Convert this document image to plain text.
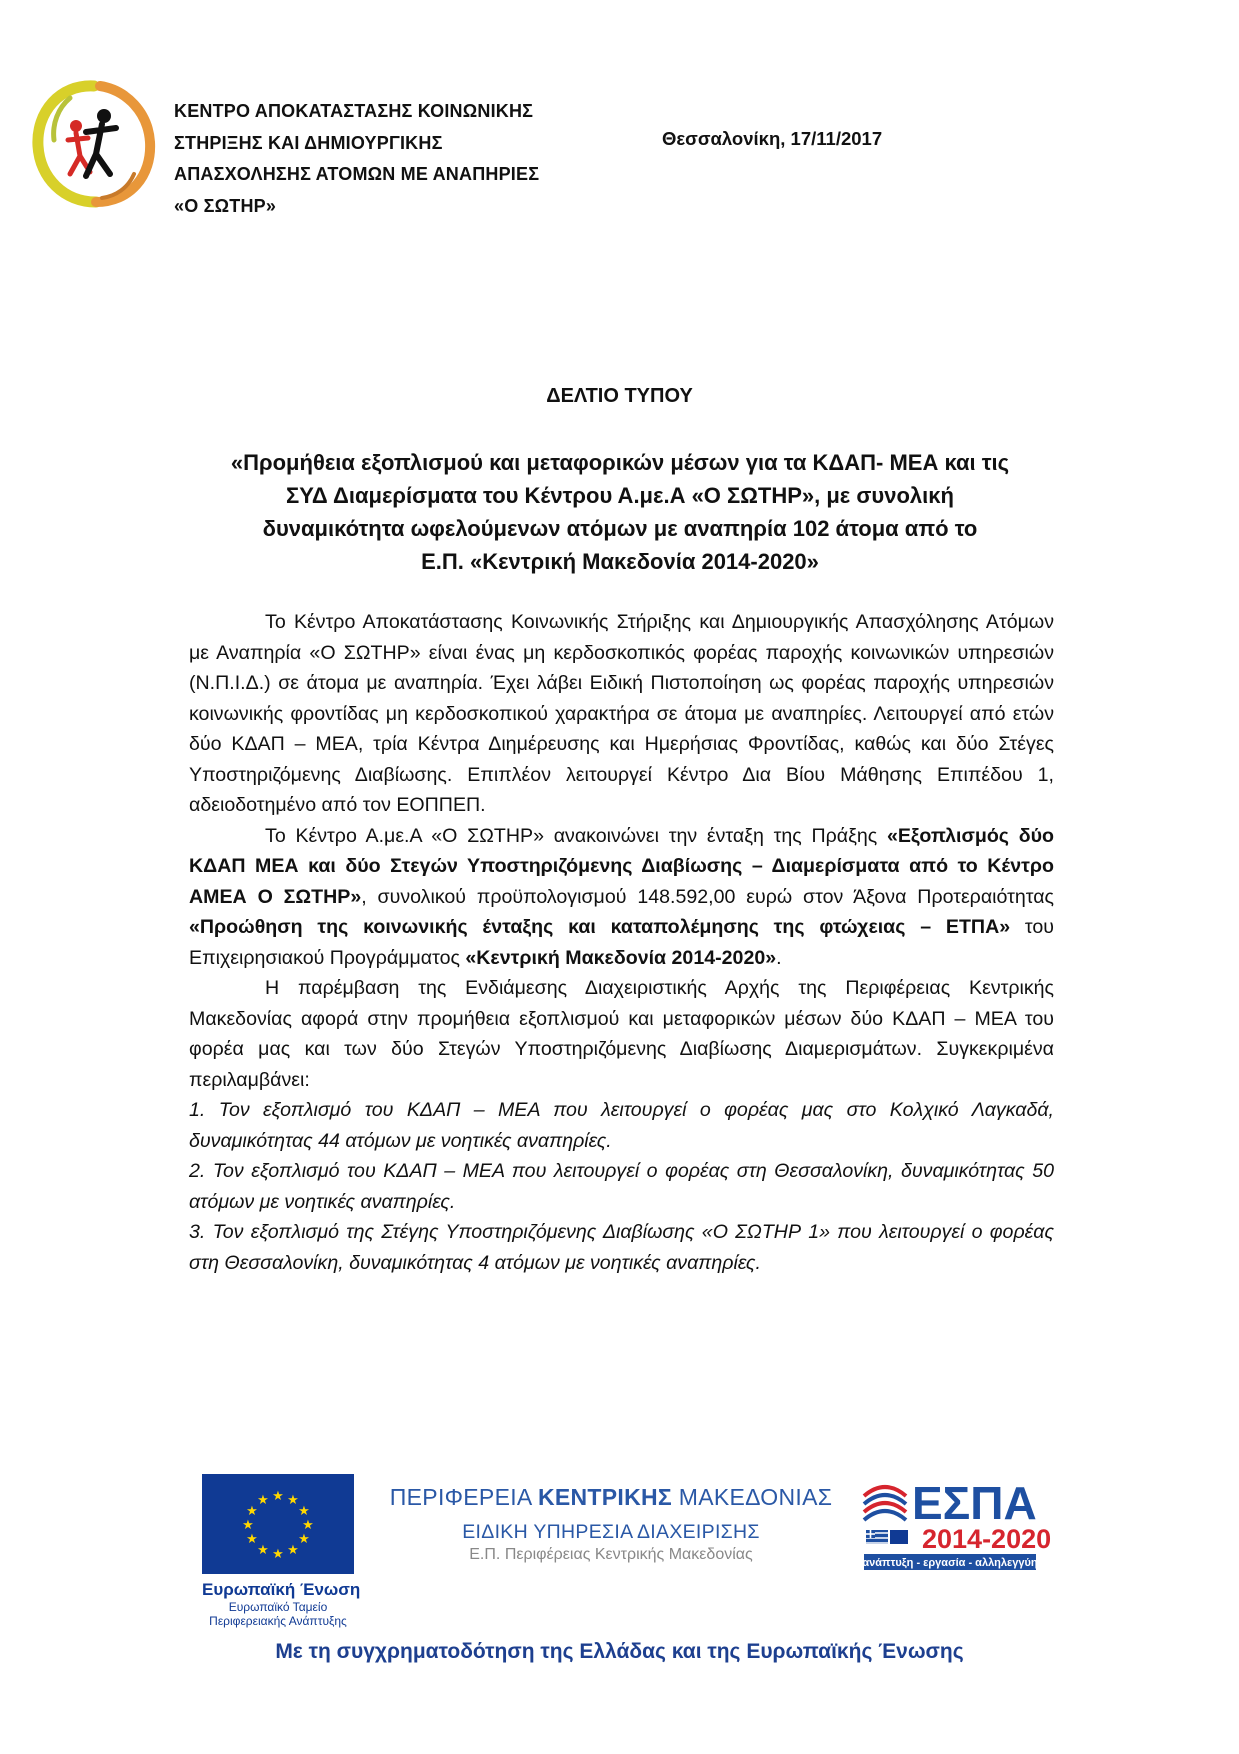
ΚΕΝΤΡΟ ΑΠΟΚΑΤΑΣΤΑΣΗΣ ΚΟΙΝΩΝΙΚΗΣ
ΣΤΗΡΙΞΗΣ ΚΑΙ ΔΗΜΙΟΥΡΓΙΚΗΣ
ΑΠΑΣΧΟΛΗΣΗΣ ΑΤΟΜΩΝ ΜΕ ΑΝΑΠΗΡΙΕΣ
«Ο ΣΩΤΗΡ»
Θεσσαλονίκη, 17/11/2017
ΔΕΛΤΙΟ ΤΥΠΟΥ
«Προμήθεια εξοπλισμού και μεταφορικών μέσων για τα ΚΔΑΠ- ΜΕΑ και τις
ΣΥΔ Διαμερίσματα του Κέντρου Α.με.Α «Ο ΣΩΤΗΡ», με συνολική
δυναμικότητα ωφελούμενων ατόμων με αναπηρία 102 άτομα από το
Ε.Π. «Κεντρική Μακεδονία 2014-2020»

Το Κέντρο Αποκατάστασης Κοινωνικής Στήριξης και Δημιουργικής Απασχόλησης Ατόμων με Αναπηρία «Ο ΣΩΤΗΡ» είναι ένας μη κερδοσκοπικός φορέας παροχής κοινωνικών υπηρεσιών (Ν.Π.Ι.Δ.) σε άτομα με αναπηρία. Έχει λάβει Ειδική Πιστοποίηση ως φορέας παροχής υπηρεσιών κοινωνικής φροντίδας μη κερδοσκοπικού χαρακτήρα σε άτομα με αναπηρίες. Λειτουργεί από ετών δύο ΚΔΑΠ – ΜΕΑ, τρία Κέντρα Διημέρευσης και Ημερήσιας Φροντίδας, καθώς και δύο Στέγες Υποστηριζόμενης Διαβίωσης. Επιπλέον λειτουργεί Κέντρο Δια Βίου Μάθησης Επιπέδου 1, αδειοδοτημένο από τον ΕΟΠΠΕΠ.

Το Κέντρο Α.με.Α «Ο ΣΩΤΗΡ» ανακοινώνει την ένταξη της Πράξης «Εξοπλισμός δύο ΚΔΑΠ ΜΕΑ και δύο Στεγών Υποστηριζόμενης Διαβίωσης – Διαμερίσματα από το Κέντρο ΑΜΕΑ Ο ΣΩΤΗΡ», συνολικού προϋπολογισμού 148.592,00 ευρώ στον Άξονα Προτεραιότητας «Προώθηση της κοινωνικής ένταξης και καταπολέμησης της φτώχειας – ΕΤΠΑ» του Επιχειρησιακού Προγράμματος «Κεντρική Μακεδονία 2014-2020».

Η παρέμβαση της Ενδιάμεσης Διαχειριστικής Αρχής της Περιφέρειας Κεντρικής Μακεδονίας αφορά στην προμήθεια εξοπλισμού και μεταφορικών μέσων δύο ΚΔΑΠ – ΜΕΑ του φορέα μας και των δύο Στεγών Υποστηριζόμενης Διαβίωσης Διαμερισμάτων. Συγκεκριμένα περιλαμβάνει:

1. Τον εξοπλισμό του ΚΔΑΠ – ΜΕΑ που λειτουργεί ο φορέας μας στο Κολχικό Λαγκαδά, δυναμικότητας 44 ατόμων με νοητικές αναπηρίες.

2. Τον εξοπλισμό του ΚΔΑΠ – ΜΕΑ που λειτουργεί ο φορέας στη Θεσσαλονίκη, δυναμικότητας 50 ατόμων με νοητικές αναπηρίες.

3. Τον εξοπλισμό της Στέγης Υποστηριζόμενης Διαβίωσης «Ο ΣΩΤΗΡ 1» που λειτουργεί ο φορέας στη Θεσσαλονίκη, δυναμικότητας 4 ατόμων με νοητικές αναπηρίες.

★ ★
★
★
★
★
★
★
★
★
★
★
Ευρωπαϊκή Ένωση
Ευρωπαϊκό Ταμείο
Περιφερειακής Ανάπτυξης
ΠΕΡΙΦΕΡΕΙΑ ΚΕΝΤΡΙΚΗΣ ΜΑΚΕΔΟΝΙΑΣ
ΕΙΔΙΚΗ ΥΠΗΡΕΣΙΑ ΔΙΑΧΕΙΡΙΣΗΣ
Ε.Π. Περιφέρειας Κεντρικής Μακεδονίας
ΕΣΠΑ
2014-2020
ανάπτυξη - εργασία - αλληλεγγύη
Με τη συγχρηματοδότηση της Ελλάδας και της Ευρωπαϊκής Ένωσης
